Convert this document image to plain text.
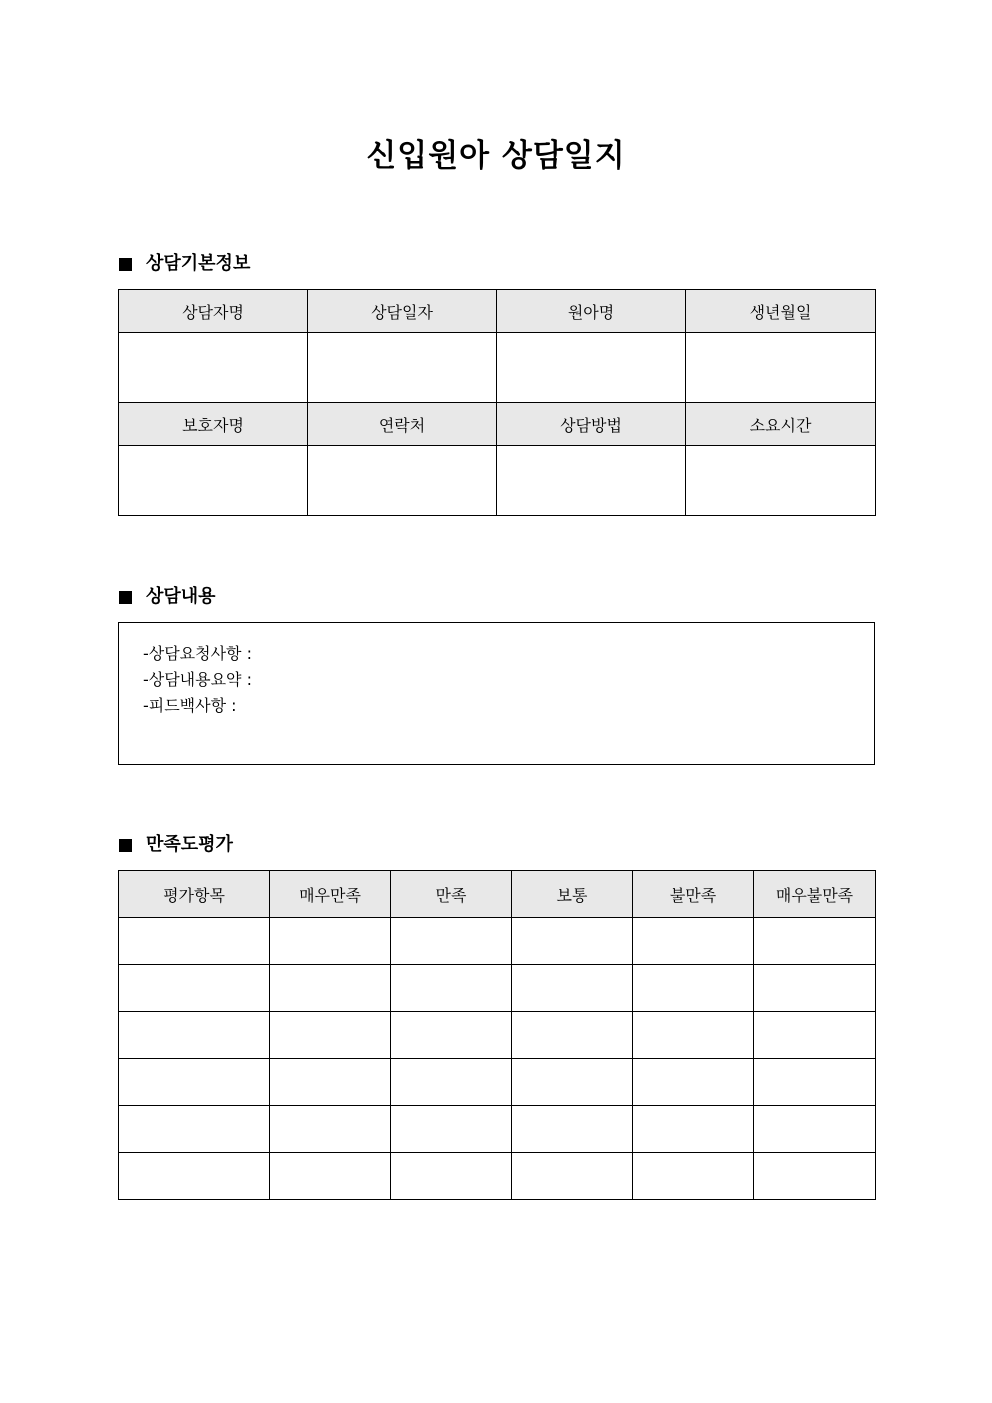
신입원아 상담일지
상담기본정보
상담자명	상담일자	원아명	생년월일

보호자명	연락처	상담방법	소요시간

상담내용
-상담요청사항 :
-상담내용요약 :
-피드백사항 :
만족도평가
평가항목	매우만족	만족	보통	불만족	매우불만족
